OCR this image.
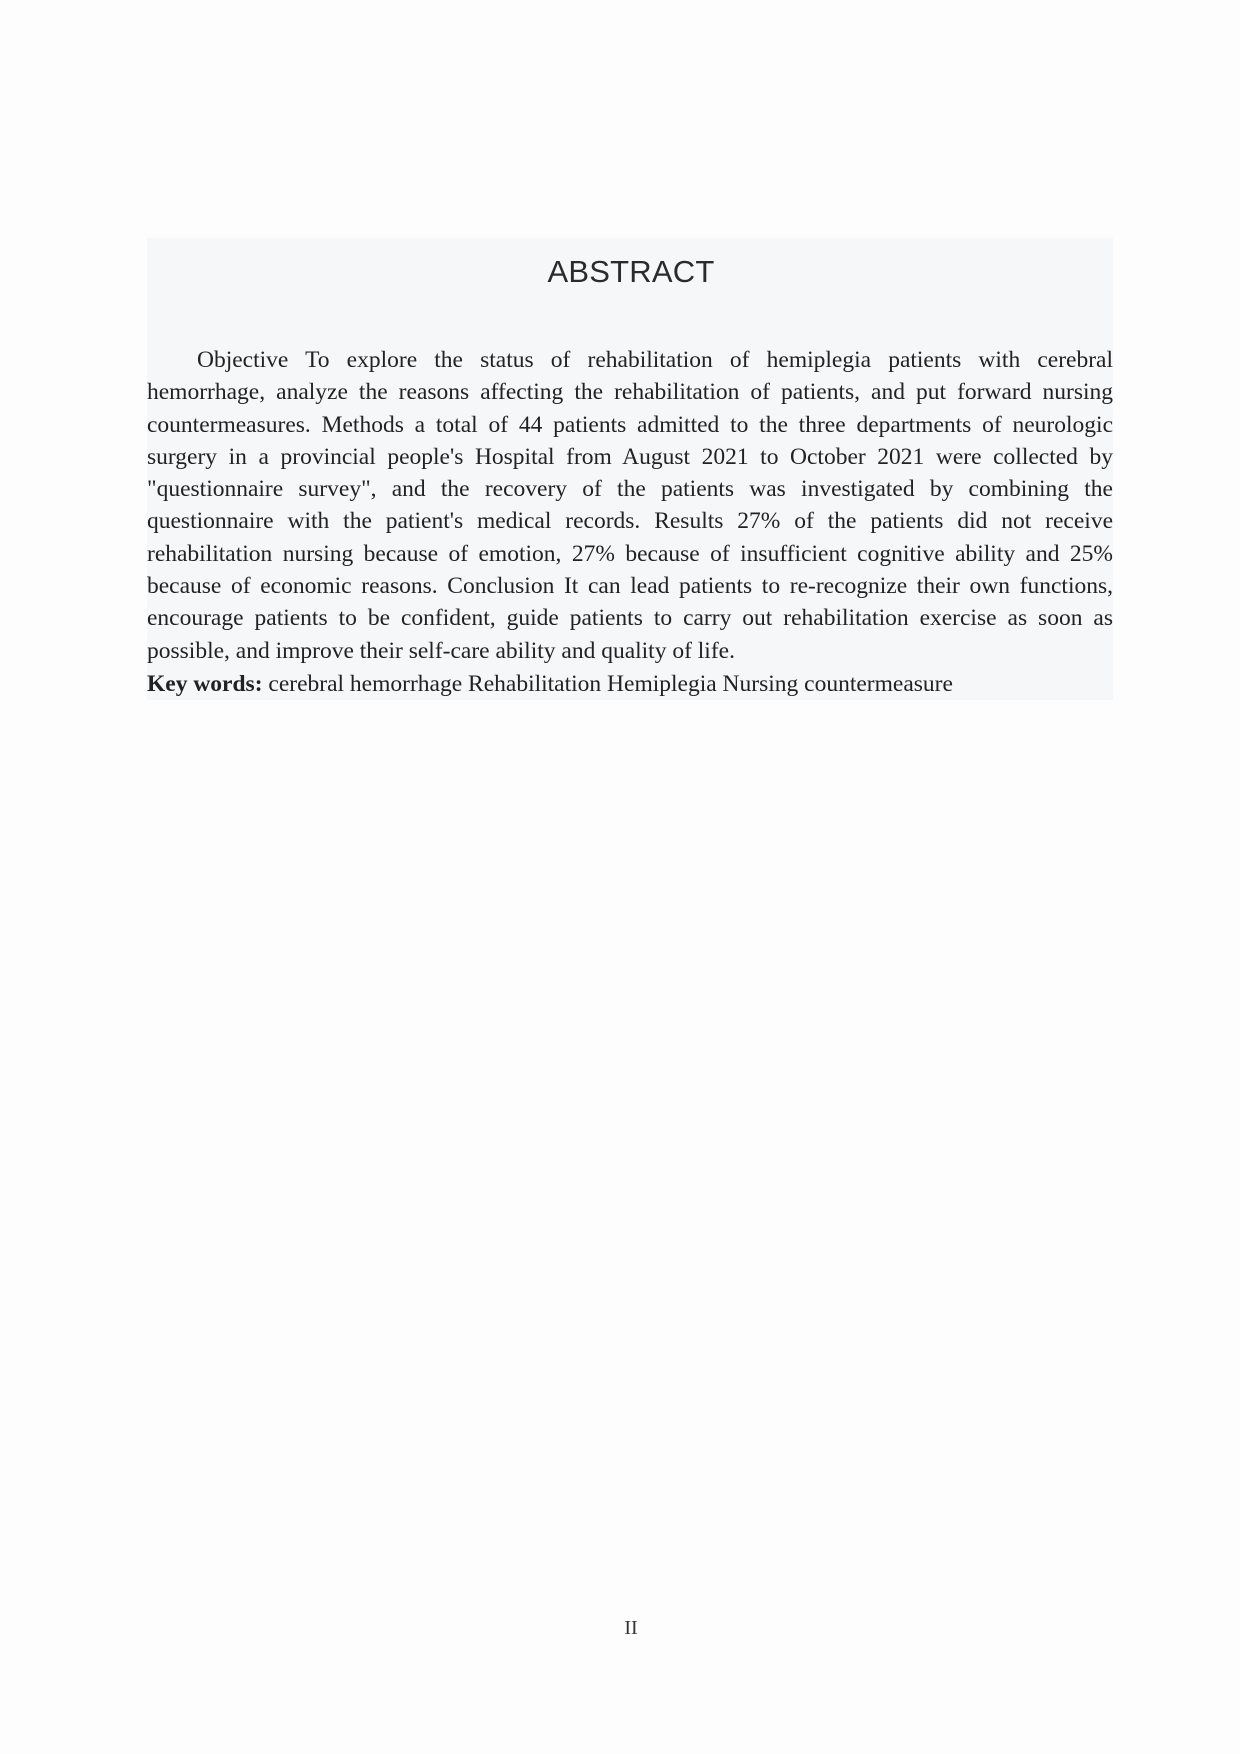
ABSTRACT

Objective To explore the status of rehabilitation of hemiplegia patients with cerebral hemorrhage, analyze the reasons affecting the rehabilitation of patients, and put forward nursing countermeasures. Methods a total of 44 patients admitted to the three departments of neurologic surgery in a provincial people's Hospital from August 2021 to October 2021 were collected by "questionnaire survey", and the recovery of the patients was investigated by combining the questionnaire with the patient's medical records. Results 27% of the patients did not receive rehabilitation nursing because of emotion, 27% because of insufficient cognitive ability and 25% because of economic reasons. Conclusion It can lead patients to re-recognize their own functions, encourage patients to be confident, guide patients to carry out rehabilitation exercise as soon as possible, and improve their self-care ability and quality of life.

Key words: cerebral hemorrhage Rehabilitation Hemiplegia Nursing countermeasure

II
